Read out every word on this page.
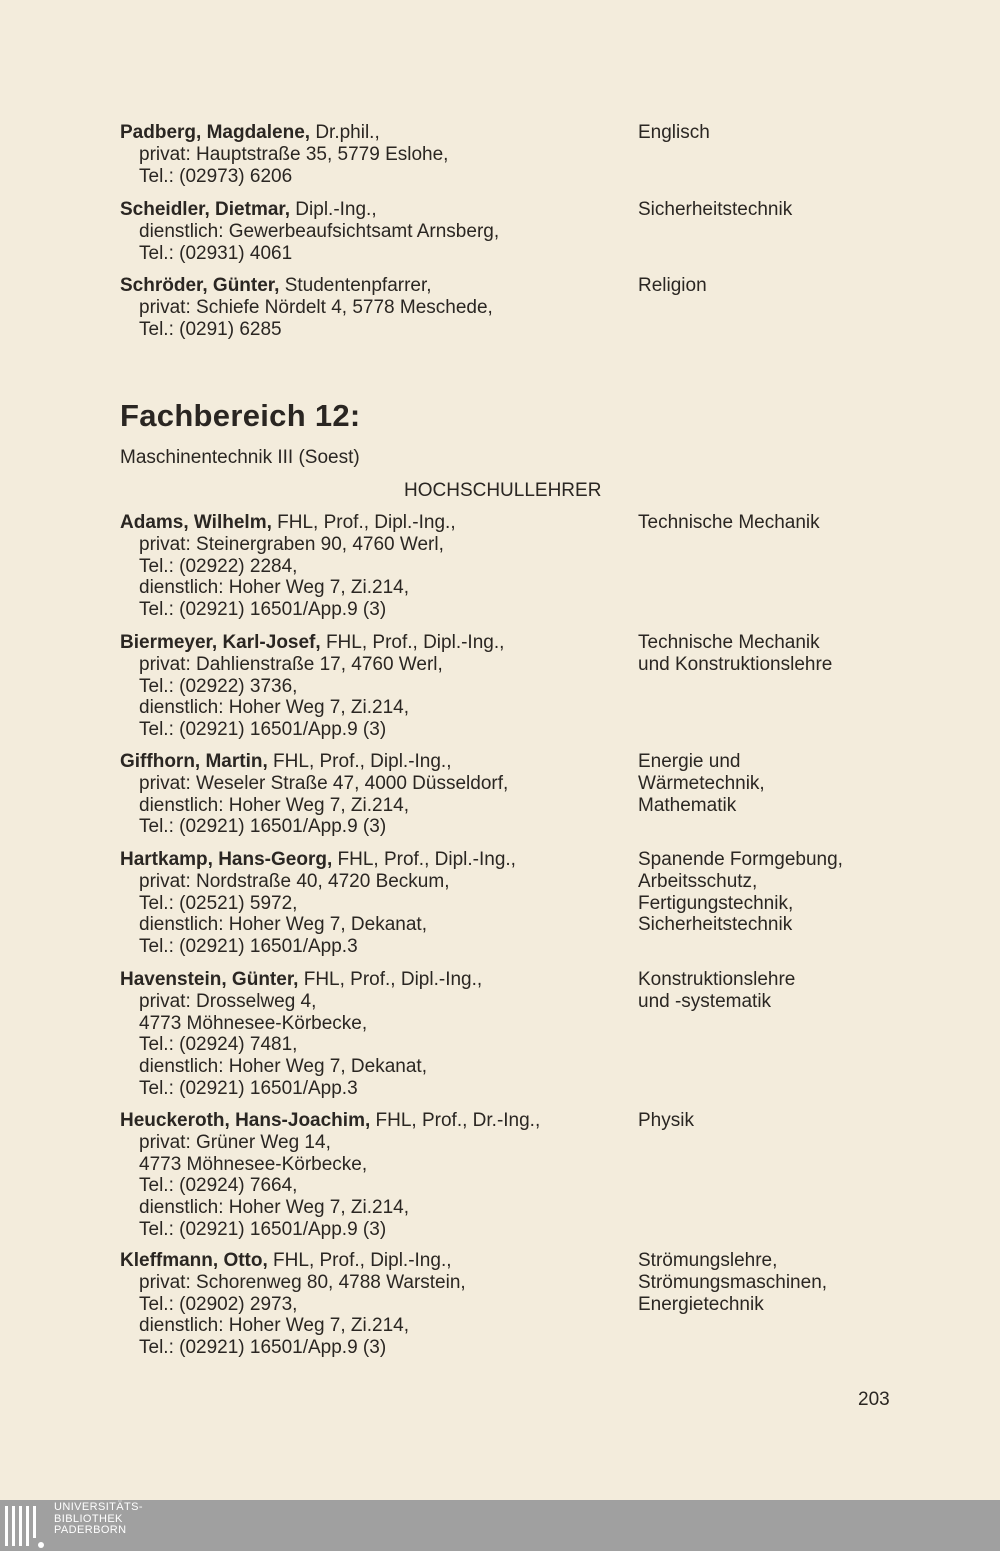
Padberg, Magdalene, Dr.phil.,
privat: Hauptstraße 35, 5779 Eslohe,
Tel.: (02973) 6206
Englisch
Scheidler, Dietmar, Dipl.-Ing.,
dienstlich: Gewerbeaufsichtsamt Arnsberg,
Tel.: (02931) 4061
Sicherheitstechnik
Schröder, Günter, Studentenpfarrer,
privat: Schiefe Nördelt 4, 5778 Meschede,
Tel.: (0291) 6285
Religion
Fachbereich 12:
Maschinentechnik III (Soest)
HOCHSCHULLEHRER
Adams, Wilhelm, FHL, Prof., Dipl.-Ing.,
privat: Steinergraben 90, 4760 Werl,
Tel.: (02922) 2284,
dienstlich: Hoher Weg 7, Zi.214,
Tel.: (02921) 16501/App.9 (3)
Technische Mechanik
Biermeyer, Karl-Josef, FHL, Prof., Dipl.-Ing.,
privat: Dahlienstraße 17, 4760 Werl,
Tel.: (02922) 3736,
dienstlich: Hoher Weg 7, Zi.214,
Tel.: (02921) 16501/App.9 (3)
Technische Mechanik
und Konstruktionslehre
Giffhorn, Martin, FHL, Prof., Dipl.-Ing.,
privat: Weseler Straße 47, 4000 Düsseldorf,
dienstlich: Hoher Weg 7, Zi.214,
Tel.: (02921) 16501/App.9 (3)
Energie und
Wärmetechnik,
Mathematik
Hartkamp, Hans-Georg, FHL, Prof., Dipl.-Ing.,
privat: Nordstraße 40, 4720 Beckum,
Tel.: (02521) 5972,
dienstlich: Hoher Weg 7, Dekanat,
Tel.: (02921) 16501/App.3
Spanende Formgebung,
Arbeitsschutz,
Fertigungstechnik,
Sicherheitstechnik
Havenstein, Günter, FHL, Prof., Dipl.-Ing.,
privat: Drosselweg 4,
4773 Möhnesee-Körbecke,
Tel.: (02924) 7481,
dienstlich: Hoher Weg 7, Dekanat,
Tel.: (02921) 16501/App.3
Konstruktionslehre
und -systematik
Heuckeroth, Hans-Joachim, FHL, Prof., Dr.-Ing.,
privat: Grüner Weg 14,
4773 Möhnesee-Körbecke,
Tel.: (02924) 7664,
dienstlich: Hoher Weg 7, Zi.214,
Tel.: (02921) 16501/App.9 (3)
Physik
Kleffmann, Otto, FHL, Prof., Dipl.-Ing.,
privat: Schorenweg 80, 4788 Warstein,
Tel.: (02902) 2973,
dienstlich: Hoher Weg 7, Zi.214,
Tel.: (02921) 16501/App.9 (3)
Strömungslehre,
Strömungsmaschinen,
Energietechnik
203
UNIVERSITÄTS-
BIBLIOTHEK
PADERBORN
